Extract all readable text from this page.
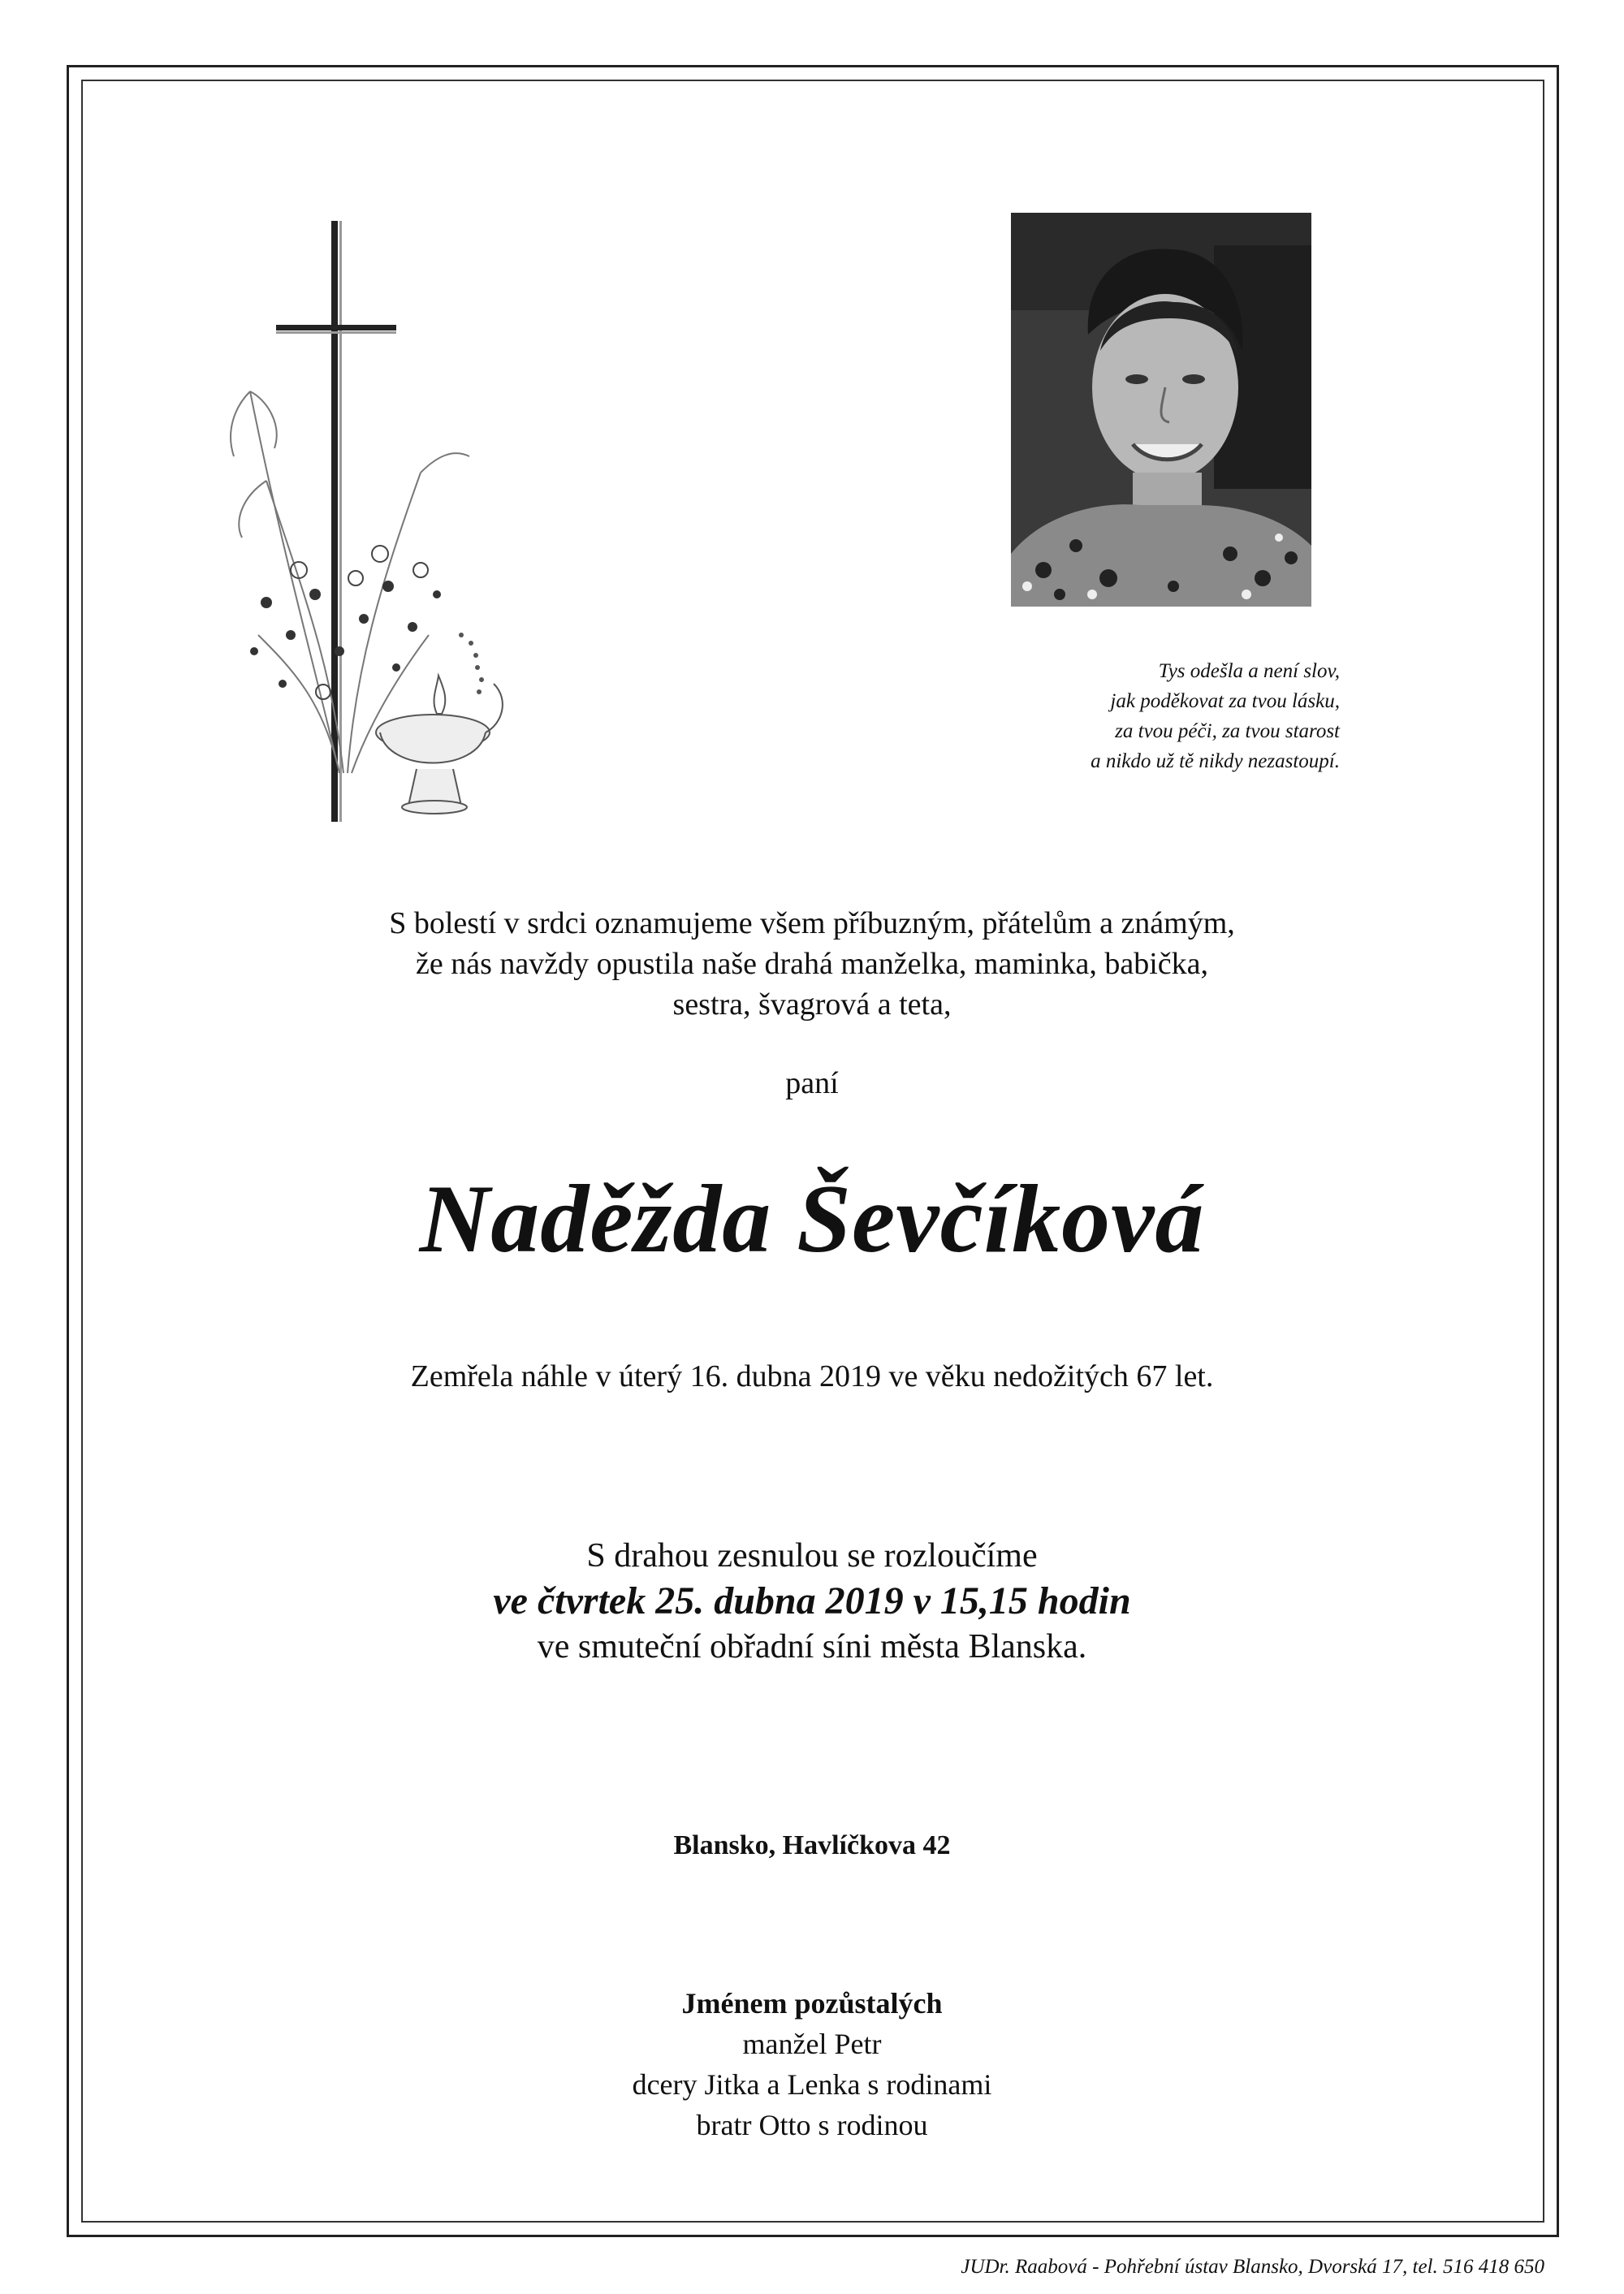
Tys odešla a není slov,
jak poděkovat za tvou lásku,
za tvou péči, za tvou starost
a nikdo už tě nikdy nezastoupí.
S bolestí v srdci oznamujeme všem příbuzným, přátelům a známým,
že nás navždy opustila naše drahá manželka, maminka, babička,
sestra, švagrová a teta,
paní
Naděžda Ševčíková
Zemřela náhle v úterý 16. dubna 2019 ve věku nedožitých 67 let.
S drahou zesnulou se rozloučíme
ve čtvrtek 25. dubna 2019 v 15,15 hodin
ve smuteční obřadní síni města Blanska.
Blansko, Havlíčkova 42
Jménem pozůstalých
manžel Petr
dcery Jitka a Lenka s rodinami
bratr Otto s rodinou
JUDr. Raabová - Pohřební ústav Blansko, Dvorská 17, tel. 516 418 650
